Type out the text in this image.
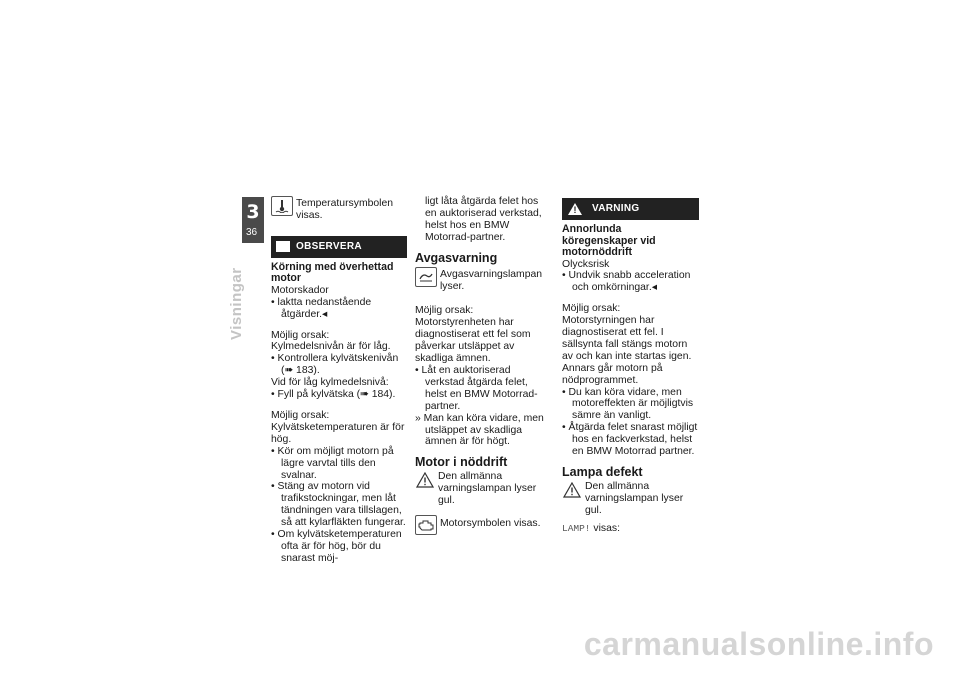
3
36
Visningar

Temperatursymbolen visas.

OBSERVERA
Körning med överhettad motor

Motorskador

• laktta nedanstående åtgärder.◂

Möjlig orsak:

Kylmedelsnivån är för låg.

• Kontrollera kylvätskenivån (➠ 183).

Vid för låg kylmedelsnivå:

• Fyll på kylvätska (➠ 184).

Möjlig orsak:

Kylvätsketemperaturen är för hög.

• Kör om möjligt motorn på lägre varvtal tills den svalnar.

• Stäng av motorn vid trafikstockningar, men låt tändningen vara tillslagen, så att kylarfläkten fungerar.

• Om kylvätsketemperaturen ofta är för hög, bör du snarast möj-

ligt låta åtgärda felet hos en auktoriserad verkstad, helst hos en BMW Motorrad-partner.

Avgasvarning

Avgasvarningslampan lyser.

Möjlig orsak:

Motorstyrenheten har diagnostiserat ett fel som påverkar utsläppet av skadliga ämnen.

• Låt en auktoriserad verkstad åtgärda felet, helst en BMW Motorrad-partner.

» Man kan köra vidare, men utsläppet av skadliga ämnen är för högt.

Motor i nöddrift

Den allmänna varningslampan lyser gul.

Motorsymbolen visas.

! VARNING
Annorlunda köregenskaper vid motornöddrift

Olycksrisk

• Undvik snabb acceleration och omkörningar.◂

Möjlig orsak:

Motorstyrningen har diagnostiserat ett fel. I sällsynta fall stängs motorn av och kan inte startas igen. Annars går motorn på nödprogrammet.

• Du kan köra vidare, men motoreffekten är möjligtvis sämre än vanligt.

• Åtgärda felet snarast möjligt hos en fackverkstad, helst en BMW Motorrad partner.

Lampa defekt

Den allmänna varningslampan lyser gul.

LAMP! visas:

carmanualsonline.info
